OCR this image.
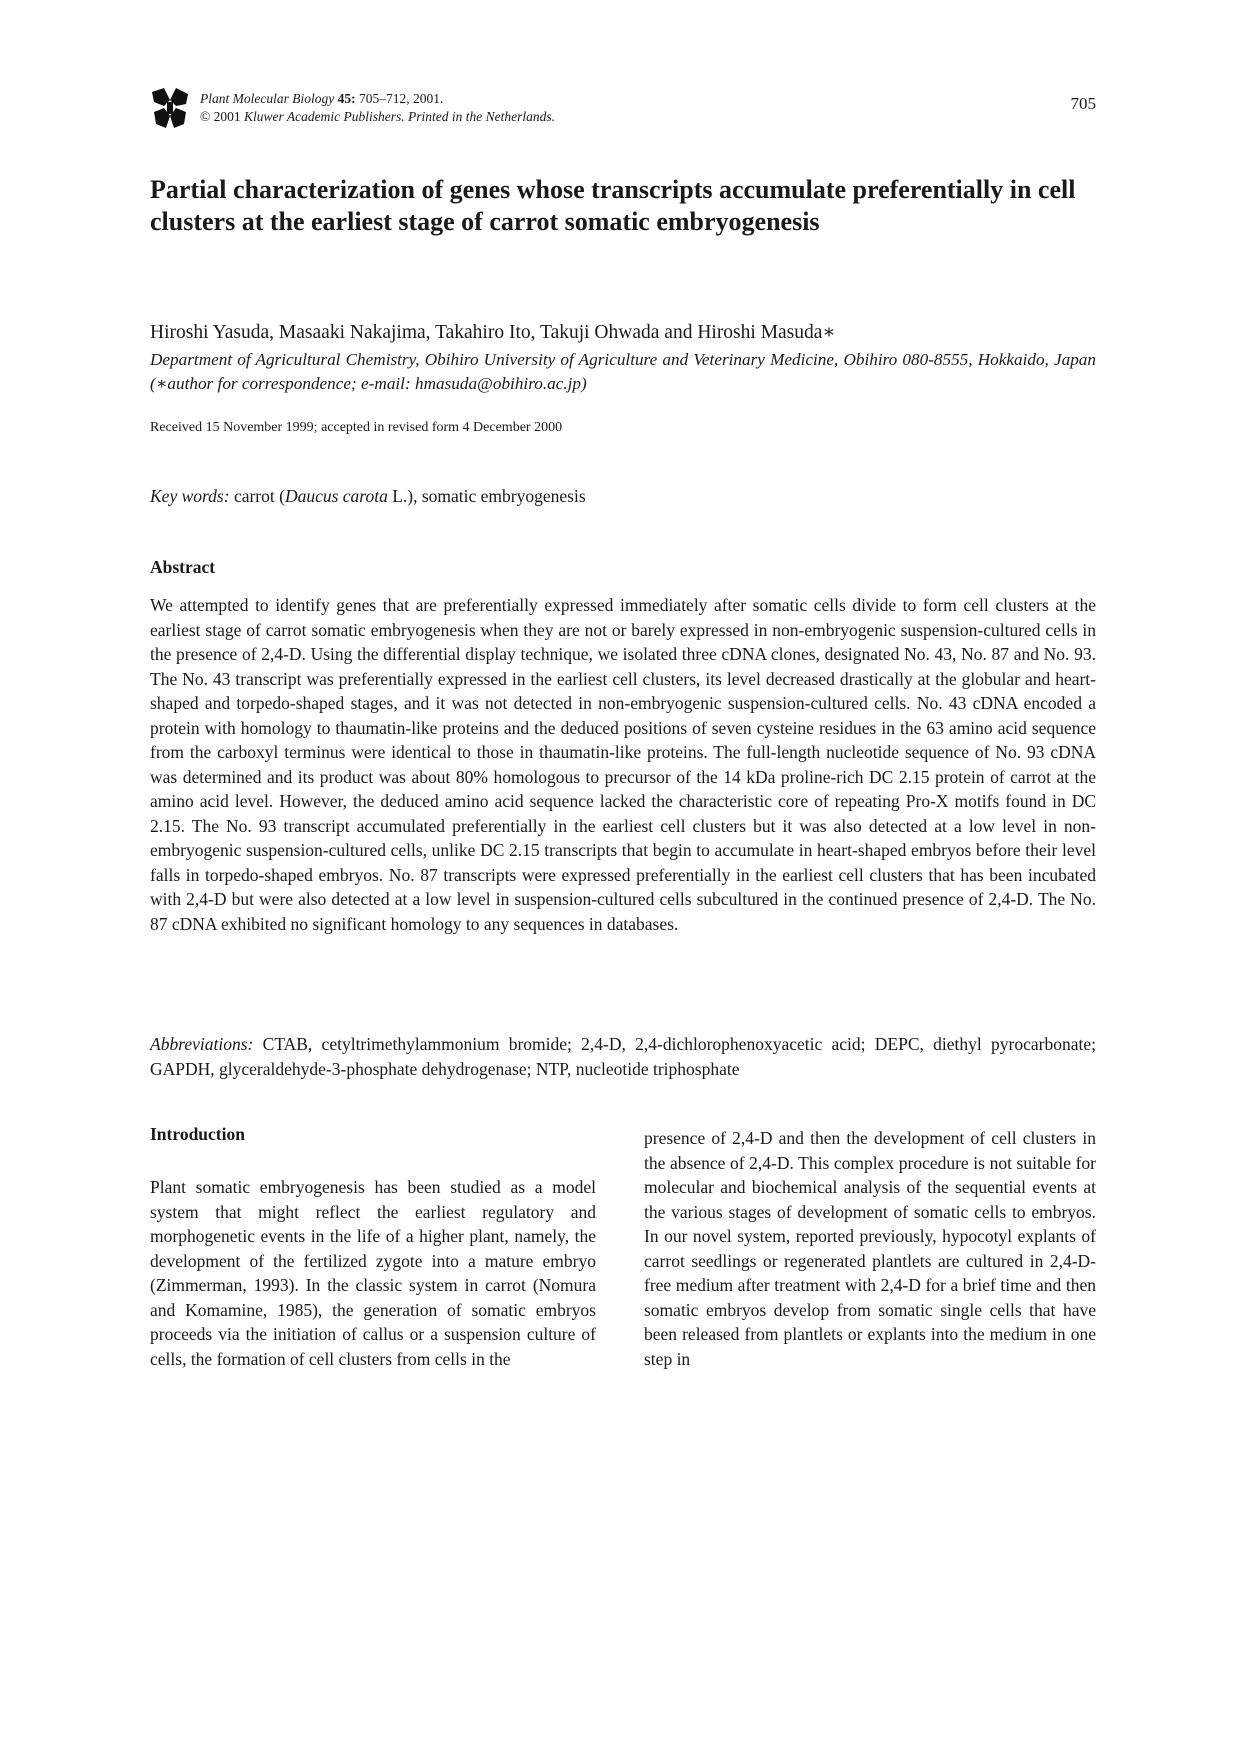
Plant Molecular Biology 45: 705–712, 2001.
© 2001 Kluwer Academic Publishers. Printed in the Netherlands.
705
Partial characterization of genes whose transcripts accumulate preferentially in cell clusters at the earliest stage of carrot somatic embryogenesis
Hiroshi Yasuda, Masaaki Nakajima, Takahiro Ito, Takuji Ohwada and Hiroshi Masuda∗
Department of Agricultural Chemistry, Obihiro University of Agriculture and Veterinary Medicine, Obihiro 080-8555, Hokkaido, Japan (∗author for correspondence; e-mail: hmasuda@obihiro.ac.jp)
Received 15 November 1999; accepted in revised form 4 December 2000
Key words: carrot (Daucus carota L.), somatic embryogenesis
Abstract

We attempted to identify genes that are preferentially expressed immediately after somatic cells divide to form cell clusters at the earliest stage of carrot somatic embryogenesis when they are not or barely expressed in non-embryogenic suspension-cultured cells in the presence of 2,4-D. Using the differential display technique, we isolated three cDNA clones, designated No. 43, No. 87 and No. 93. The No. 43 transcript was preferentially expressed in the earliest cell clusters, its level decreased drastically at the globular and heart-shaped and torpedo-shaped stages, and it was not detected in non-embryogenic suspension-cultured cells. No. 43 cDNA encoded a protein with homology to thaumatin-like proteins and the deduced positions of seven cysteine residues in the 63 amino acid sequence from the carboxyl terminus were identical to those in thaumatin-like proteins. The full-length nucleotide sequence of No. 93 cDNA was determined and its product was about 80% homologous to precursor of the 14 kDa proline-rich DC 2.15 protein of carrot at the amino acid level. However, the deduced amino acid sequence lacked the characteristic core of repeating Pro-X motifs found in DC 2.15. The No. 93 transcript accumulated preferentially in the earliest cell clusters but it was also detected at a low level in non-embryogenic suspension-cultured cells, unlike DC 2.15 transcripts that begin to accumulate in heart-shaped embryos before their level falls in torpedo-shaped embryos. No. 87 transcripts were expressed preferentially in the earliest cell clusters that has been incubated with 2,4-D but were also detected at a low level in suspension-cultured cells subcultured in the continued presence of 2,4-D. The No. 87 cDNA exhibited no significant homology to any sequences in databases.

Abbreviations: CTAB, cetyltrimethylammonium bromide; 2,4-D, 2,4-dichlorophenoxyacetic acid; DEPC, diethyl pyrocarbonate; GAPDH, glyceraldehyde-3-phosphate dehydrogenase; NTP, nucleotide triphosphate

Introduction

Plant somatic embryogenesis has been studied as a model system that might reflect the earliest regulatory and morphogenetic events in the life of a higher plant, namely, the development of the fertilized zygote into a mature embryo (Zimmerman, 1993). In the classic system in carrot (Nomura and Komamine, 1985), the generation of somatic embryos proceeds via the initiation of callus or a suspension culture of cells, the formation of cell clusters from cells in the

presence of 2,4-D and then the development of cell clusters in the absence of 2,4-D. This complex procedure is not suitable for molecular and biochemical analysis of the sequential events at the various stages of development of somatic cells to embryos. In our novel system, reported previously, hypocotyl explants of carrot seedlings or regenerated plantlets are cultured in 2,4-D-free medium after treatment with 2,4-D for a brief time and then somatic embryos develop from somatic single cells that have been released from plantlets or explants into the medium in one step in
